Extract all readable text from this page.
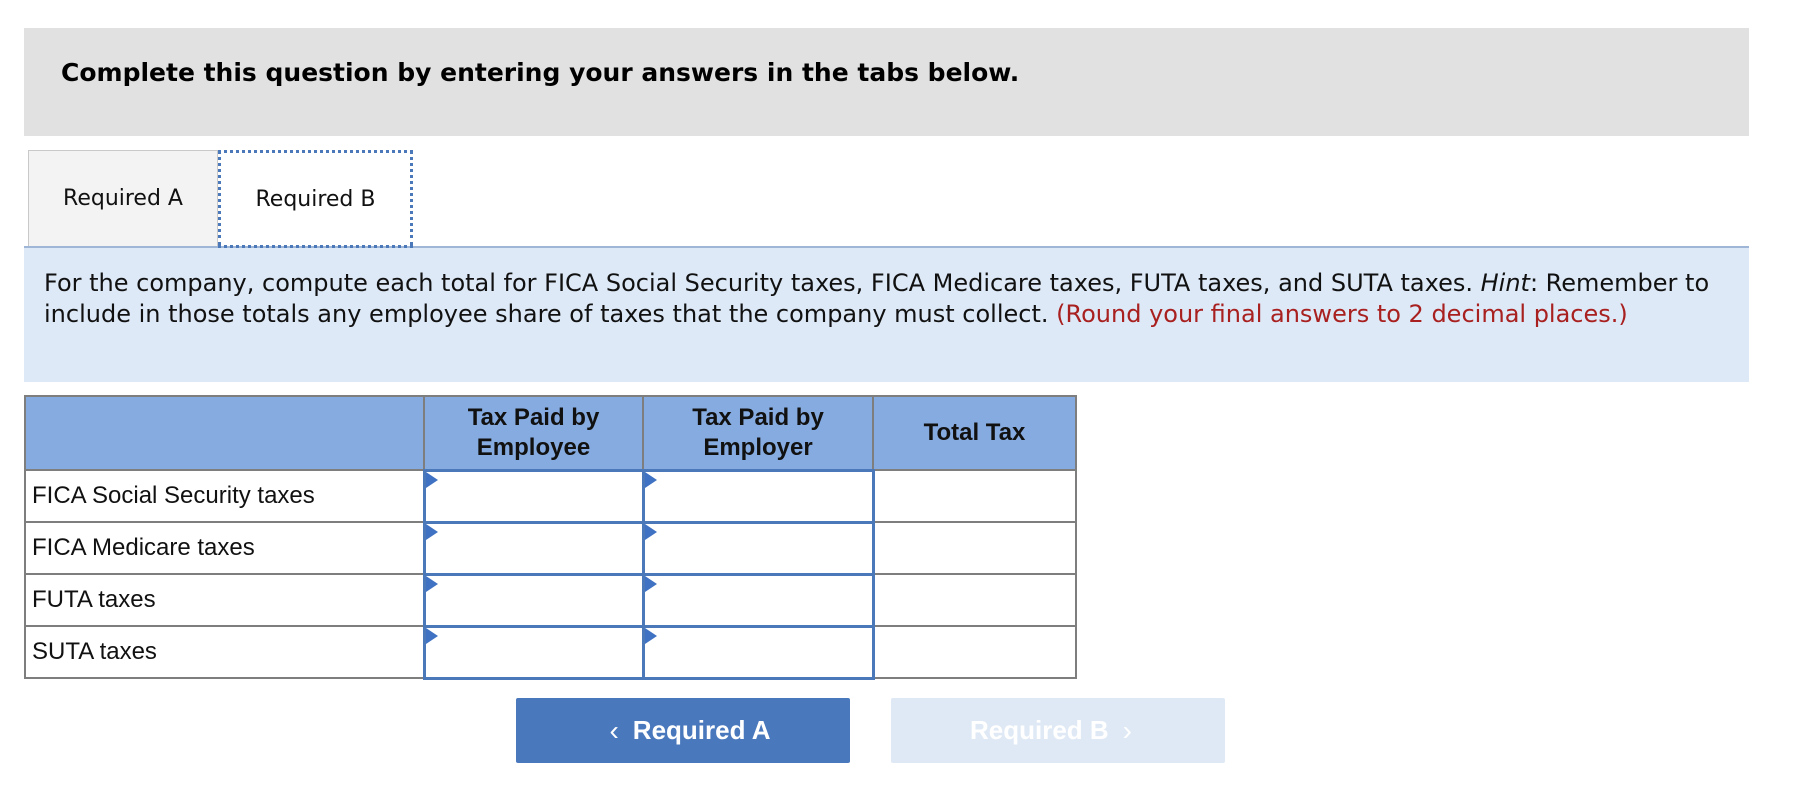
Complete this question by entering your answers in the tabs below.
Required A	Required B
For the company, compute each total for FICA Social Security taxes, FICA Medicare taxes, FUTA taxes, and SUTA taxes. Hint: Remember to include in those totals any employee share of taxes that the company must collect. (Round your final answers to 2 decimal places.)
	Tax Paid by Employee	Tax Paid by Employer	Total Tax
FICA Social Security taxes	

FICA Medicare taxes	

FUTA taxes	

SUTA taxes	

‹ Required A	Required B ›
